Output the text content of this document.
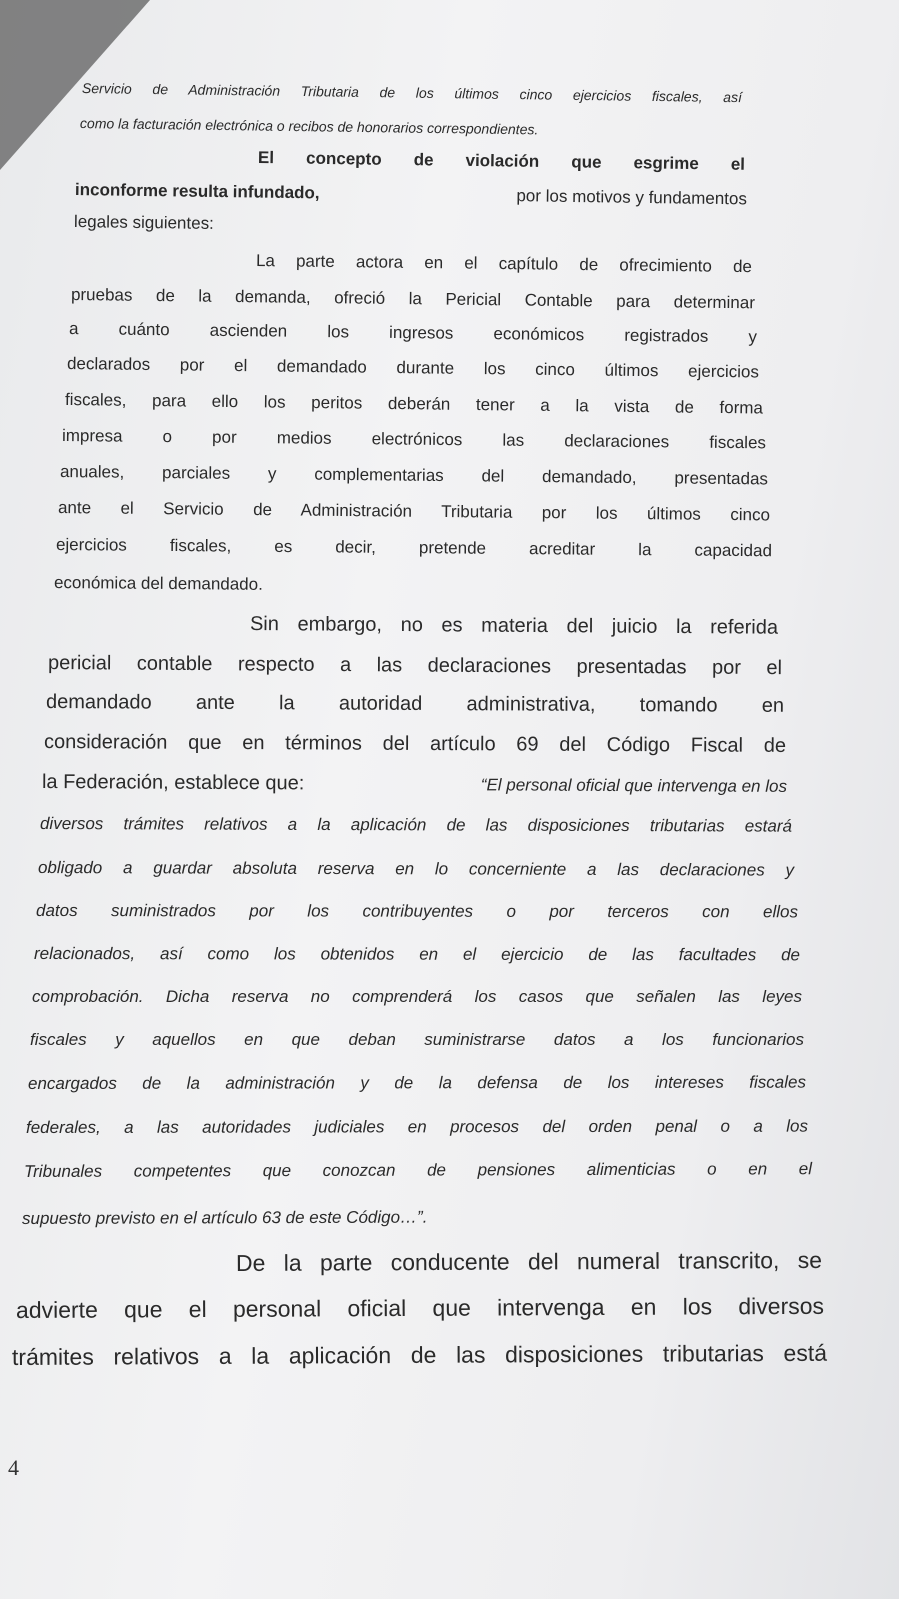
Servicio de Administración Tributaria de los últimos cinco ejercicios fiscales, así

como la facturación electrónica o recibos de honorarios correspondientes.

El concepto de violación que esgrime el

inconforme resulta infundado,	por los motivos y fundamentos

legales siguientes:

La parte actora en el capítulo de ofrecimiento de

pruebas de la demanda, ofreció la Pericial Contable para determinar

a cuánto ascienden los ingresos económicos registrados y

declarados por el demandado durante los cinco últimos ejercicios

fiscales, para ello los peritos deberán tener a la vista de forma

impresa o por medios electrónicos las declaraciones fiscales

anuales, parciales y complementarias del demandado, presentadas

ante el Servicio de Administración Tributaria por los últimos cinco

ejercicios fiscales, es decir, pretende acreditar la capacidad

económica del demandado.

Sin embargo, no es materia del juicio la referida

pericial contable respecto a las declaraciones presentadas por el

demandado ante la autoridad administrativa, tomando en

consideración que en términos del artículo 69 del Código Fiscal de

la Federación, establece que:	“El personal oficial que intervenga en los

diversos trámites relativos a la aplicación de las disposiciones tributarias estará

obligado a guardar absoluta reserva en lo concerniente a las declaraciones y

datos suministrados por los contribuyentes o por terceros con ellos

relacionados, así como los obtenidos en el ejercicio de las facultades de

comprobación. Dicha reserva no comprenderá los casos que señalen las leyes

fiscales y aquellos en que deban suministrarse datos a los funcionarios

encargados de la administración y de la defensa de los intereses fiscales

federales, a las autoridades judiciales en procesos del orden penal o a los

Tribunales competentes que conozcan de pensiones alimenticias o en el

supuesto previsto en el artículo 63 de este Código…”.

De la parte conducente del numeral transcrito, se

advierte que el personal oficial que intervenga en los diversos

trámites relativos a la aplicación de las disposiciones tributarias está

4
